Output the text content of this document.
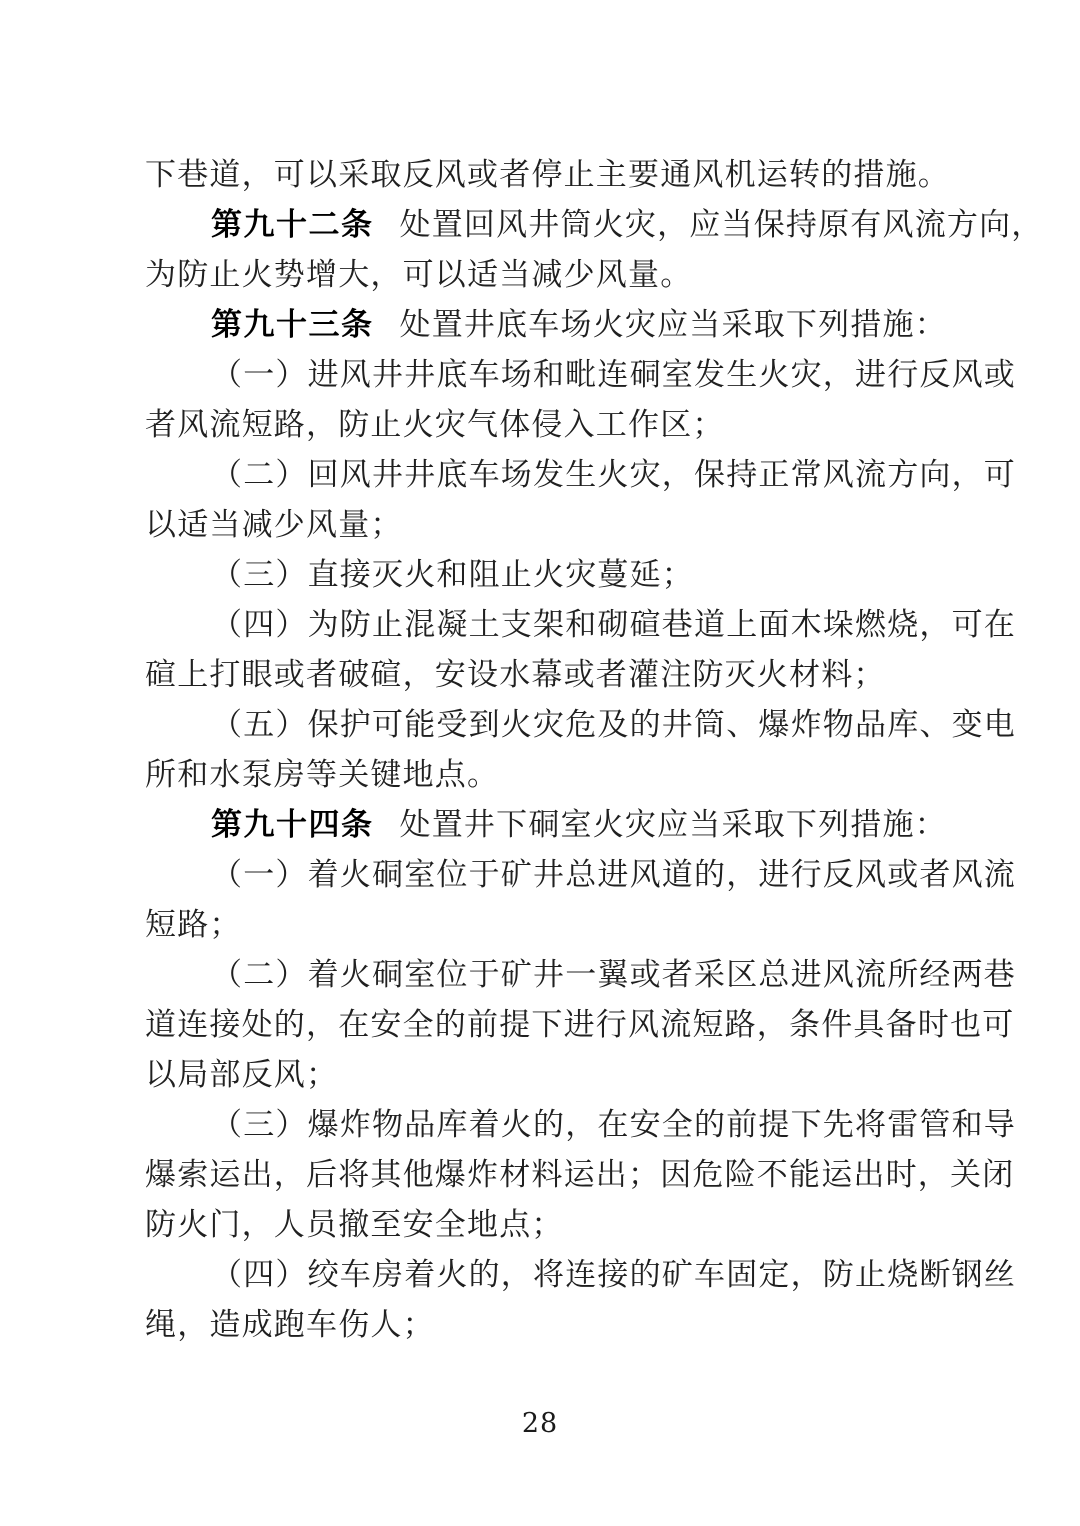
下巷道，可以采取反风或者停止主要通风机运转的措施。
第九十二条 处置回风井筒火灾，应当保持原有风流方向，
为防止火势增大，可以适当减少风量。
第九十三条 处置井底车场火灾应当采取下列措施：
（一）进风井井底车场和毗连硐室发生火灾，进行反风或
者风流短路，防止火灾气体侵入工作区；
（二）回风井井底车场发生火灾，保持正常风流方向，可
以适当减少风量；
（三）直接灭火和阻止火灾蔓延；
（四）为防止混凝土支架和砌碹巷道上面木垛燃烧，可在
碹上打眼或者破碹，安设水幕或者灌注防灭火材料；
（五）保护可能受到火灾危及的井筒、爆炸物品库、变电
所和水泵房等关键地点。
第九十四条 处置井下硐室火灾应当采取下列措施：
（一）着火硐室位于矿井总进风道的，进行反风或者风流
短路；
（二）着火硐室位于矿井一翼或者采区总进风流所经两巷
道连接处的，在安全的前提下进行风流短路，条件具备时也可
以局部反风；
（三）爆炸物品库着火的，在安全的前提下先将雷管和导
爆索运出，后将其他爆炸材料运出；因危险不能运出时，关闭
防火门，人员撤至安全地点；
（四）绞车房着火的，将连接的矿车固定，防止烧断钢丝
绳，造成跑车伤人；
28
